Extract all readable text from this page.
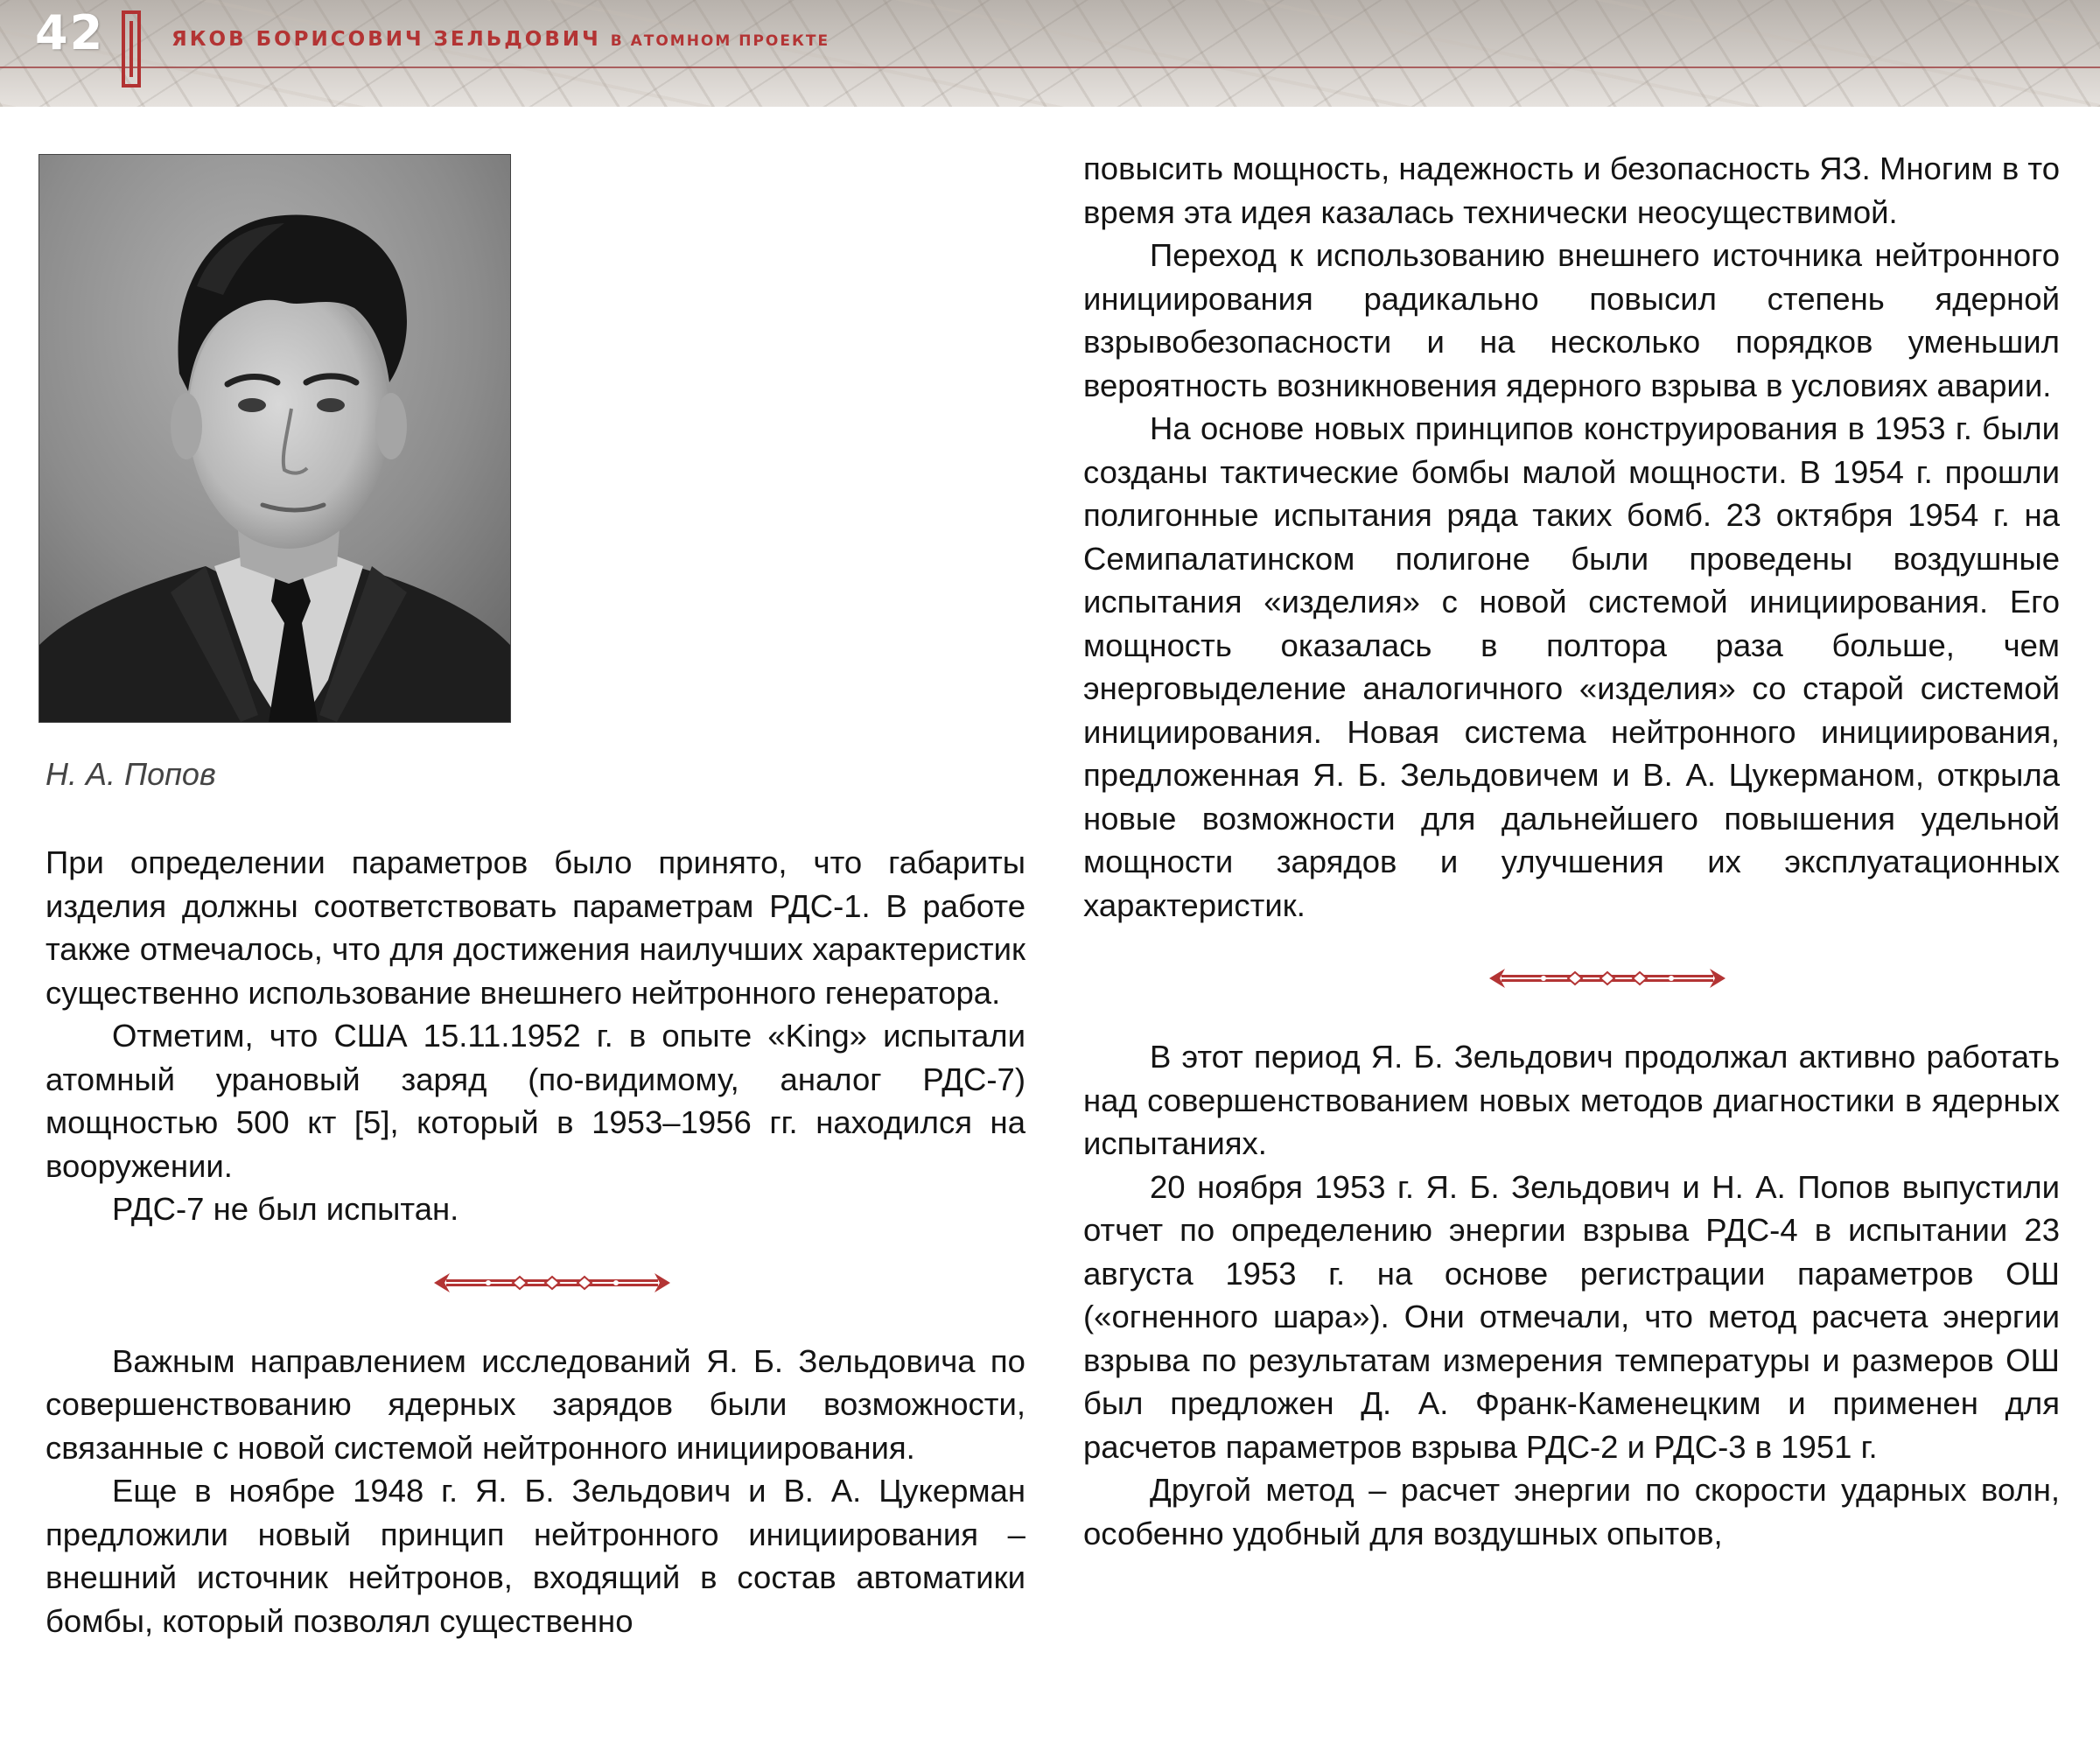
42	ЯКОВ БОРИСОВИЧ ЗЕЛЬДОВИЧ В АТОМНОМ ПРОЕКТЕ
Н. А. Попов

При определении параметров было принято, что габариты изделия должны соответствовать параметрам РДС-1. В работе также отмечалось, что для достижения наилучших характеристик существенно использование внешнего нейтронного генератора.

Отметим, что США 15.11.1952 г. в опыте «King» испытали атомный урановый заряд (по-видимому, аналог РДС-7) мощностью 500 кт [5], который в 1953–1956 гг. находился на вооружении.

РДС-7 не был испытан.

Важным направлением исследований Я. Б. Зельдовича по совершенствованию ядерных зарядов были возможности, связанные с новой системой нейтронного инициирования.

Еще в ноябре 1948 г. Я. Б. Зельдович и В. А. Цукерман предложили новый принцип нейтронного инициирования – внешний источник нейтронов, входящий в состав автоматики бомбы, который позволял существенно

повысить мощность, надежность и безопасность ЯЗ. Многим в то время эта идея казалась технически неосуществимой.

Переход к использованию внешнего источника нейтронного инициирования радикально повысил степень ядерной взрывобезопасности и на несколько порядков уменьшил вероятность возникновения ядерного взрыва в условиях аварии.

На основе новых принципов конструирования в 1953 г. были созданы тактические бомбы малой мощности. В 1954 г. прошли полигонные испытания ряда таких бомб. 23 октября 1954 г. на Семипалатинском полигоне были проведены воздушные испытания «изделия» с новой системой инициирования. Его мощность оказалась в полтора раза больше, чем энерговыделение аналогичного «изделия» со старой системой инициирования. Новая система нейтронного инициирования, предложенная Я. Б. Зельдовичем и В. А. Цукерманом, открыла новые возможности для дальнейшего повышения удельной мощности зарядов и улучшения их эксплуатационных характеристик.

В этот период Я. Б. Зельдович продолжал активно работать над совершенствованием новых методов диагностики в ядерных испытаниях.

20 ноября 1953 г. Я. Б. Зельдович и Н. А. Попов выпустили отчет по определению энергии взрыва РДС-4 в испытании 23 августа 1953 г. на основе регистрации параметров ОШ («огненного шара»). Они отмечали, что метод расчета энергии взрыва по результатам измерения температуры и размеров ОШ был предложен Д. А. Франк-Каменецким и применен для расчетов параметров взрыва РДС-2 и РДС-3 в 1951 г.

Другой метод – расчет энергии по скорости ударных волн, особенно удобный для воздушных опытов,
